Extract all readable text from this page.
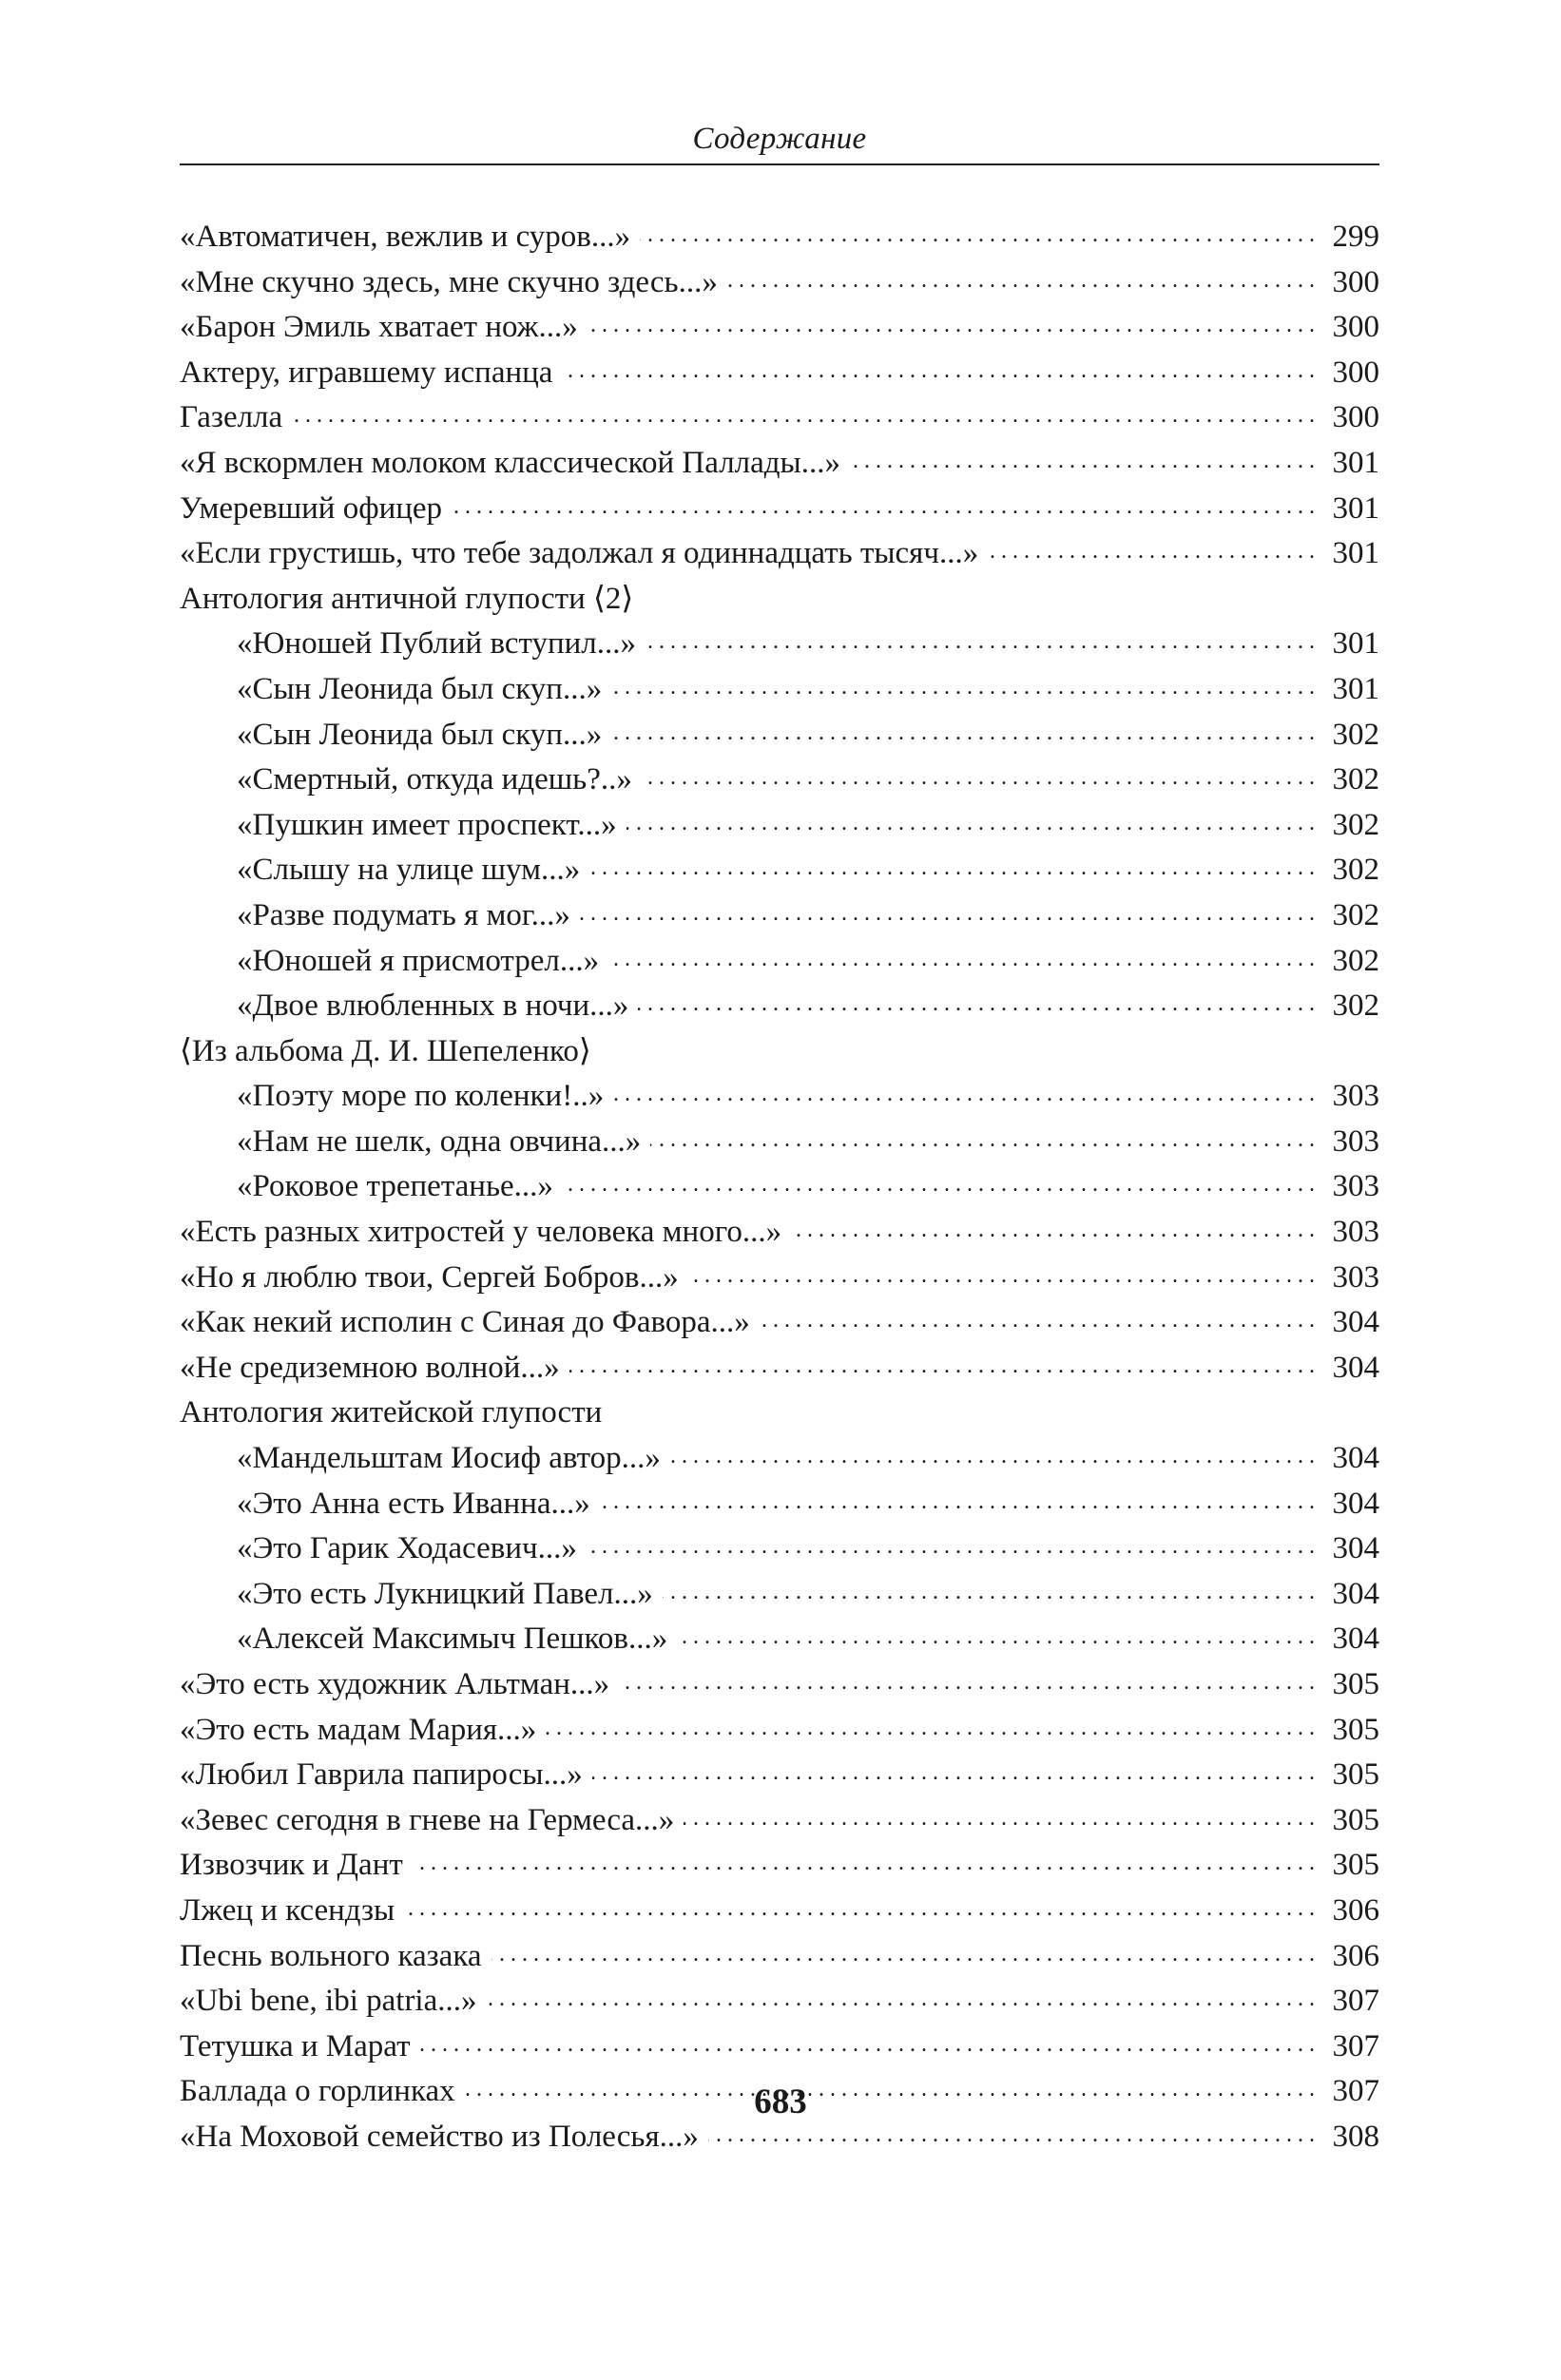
Содержание
«Автоматичен, вежлив и суров...» . . .	299
«Мне скучно здесь, мне скучно здесь...» . . .	300
«Барон Эмиль хватает нож...» . . .	300
Актеру, игравшему испанца . . .	300
Газелла . . .	300
«Я вскормлен молоком классической Паллады...» . . .	301
Умеревший офицер . . .	301
«Если грустишь, что тебе задолжал я одиннадцать тысяч...» . . .	301
Антология античной глупости ⟨2⟩
«Юношей Публий вступил...» . . .	301
«Сын Леонида был скуп...» . . .	301
«Сын Леонида был скуп...» . . .	302
«Смертный, откуда идешь?..» . . .	302
«Пушкин имеет проспект...» . . .	302
«Слышу на улице шум...» . . .	302
«Разве подумать я мог...» . . .	302
«Юношей я присмотрел...» . . .	302
«Двое влюбленных в ночи...» . . .	302
⟨Из альбома Д. И. Шепеленко⟩
«Поэту море по коленки!..» . . .	303
«Нам не шелк, одна овчина...» . . .	303
«Роковое трепетанье...» . . .	303
«Есть разных хитростей у человека много...» . . .	303
«Но я люблю твои, Сергей Бобров...» . . .	303
«Как некий исполин с Синая до Фавора...» . . .	304
«Не средиземною волной...» . . .	304
Антология житейской глупости
«Мандельштам Иосиф автор...» . . .	304
«Это Анна есть Иванна...» . . .	304
«Это Гарик Ходасевич...» . . .	304
«Это есть Лукницкий Павел...» . . .	304
«Алексей Максимыч Пешков...» . . .	304
«Это есть художник Альтман...» . . .	305
«Это есть мадам Мария...» . . .	305
«Любил Гаврила папиросы...» . . .	305
«Зевес сегодня в гневе на Гермеса...» . . .	305
Извозчик и Дант . . .	305
Лжец и ксендзы . . .	306
Песнь вольного казака . . .	306
«Ubi bene, ibi patria...» . . .	307
Тетушка и Марат . . .	307
Баллада о горлинках . . .	307
«На Моховой семейство из Полесья...» . . .	308
683
